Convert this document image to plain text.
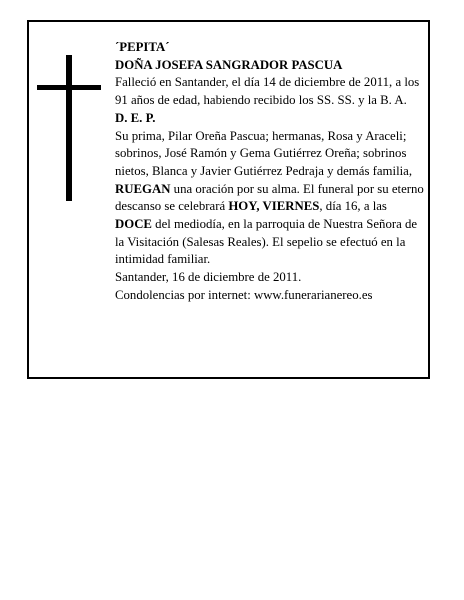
´PEPITA´

DOÑA JOSEFA SANGRADOR PASCUA

Falleció en Santander, el día 14 de diciembre de 2011, a los 91 años de edad, habiendo recibido los SS. SS. y la B. A.

D. E. P.

Su prima, Pilar Oreña Pascua; hermanas, Rosa y Araceli; sobrinos, José Ramón y Gema Gutiérrez Oreña; sobrinos nietos, Blanca y Javier Gutiérrez Pedraja y demás familia,

RUEGAN una oración por su alma. El funeral por su eterno descanso se celebrará HOY, VIERNES, día 16, a las DOCE del mediodía, en la parroquia de Nuestra Señora de la Visitación (Salesas Reales). El sepelio se efectuó en la intimidad familiar.

Santander, 16 de diciembre de 2011.

Condolencias por internet: www.funerarianereo.es
